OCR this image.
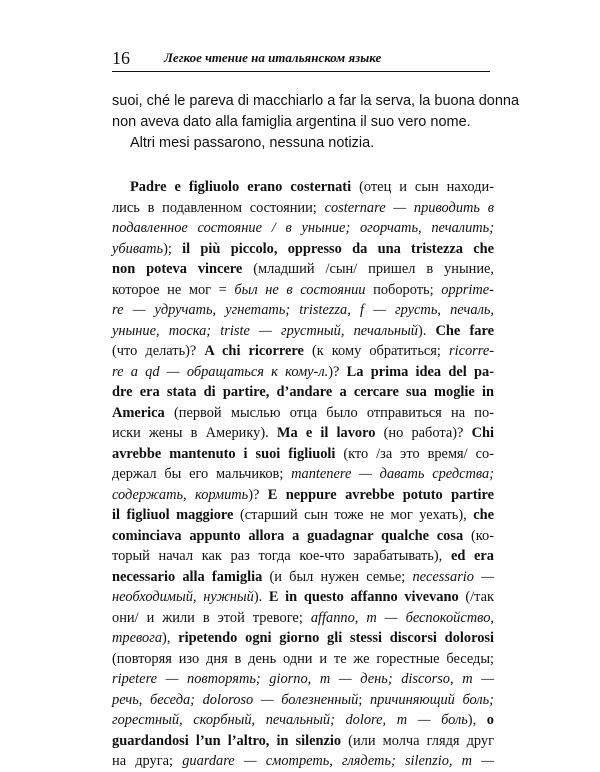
16	Легкое чтение на итальянском языке

suoi, ché le pareva di macchiarlo a far la serva, la buona donna
non aveva dato alla famiglia argentina il suo vero nome.
Altri mesi passarono, nessuna notizia.

Padre e figliuolo erano costernati (отец и сын находи-
лись в подавленном состоянии; costernare — приводить в
подавленное состояние / в уныние; огорчать, печалить;
убивать); il più piccolo, oppresso da una tristezza che
non poteva vincere (младший /сын/ пришел в уныние,
которое не мог = был не в состоянии побороть; opprime-
re — удручать, угнетать; tristezza, f — грусть, печаль,
уныние, тоска; triste — грустный, печальный). Che fare
(что делать)? A chi ricorrere (к кому обратиться; ricorre-
re a qd — обращаться к кому-л.)? La prima idea del pa-
dre era stata di partire, d’andare a cercare sua moglie in
America (первой мыслью отца было отправиться на по-
иски жены в Америку). Ma e il lavoro (но работа)? Chi
avrebbe mantenuto i suoi figliuoli (кто /за это время/ со-
держал бы его мальчиков; mantenere — давать средства;
содержать, кормить)? E neppure avrebbe potuto partire
il figliuol maggiore (старший сын тоже не мог уехать), che
cominciava appunto allora a guadagnar qualche cosa (ко-
торый начал как раз тогда кое-что зарабатывать), ed era
necessario alla famiglia (и был нужен семье; necessario —
необходимый, нужный). E in questo affanno vivevano (/так
они/ и жили в этой тревоге; affanno, m — беспокойство,
тревога), ripetendo ogni giorno gli stessi discorsi dolorosi
(повторяя изо дня в день одни и те же горестные беседы;
ripetere — повторять; giorno, m — день; discorso, m —
речь, беседа; doloroso — болезненный; причиняющий боль;
горестный, скорбный, печальный; dolore, m — боль), о
guardandosi l’un l’altro, in silenzio (или молча глядя друг
на друга; guardare — смотреть, глядеть; silenzio, m —
